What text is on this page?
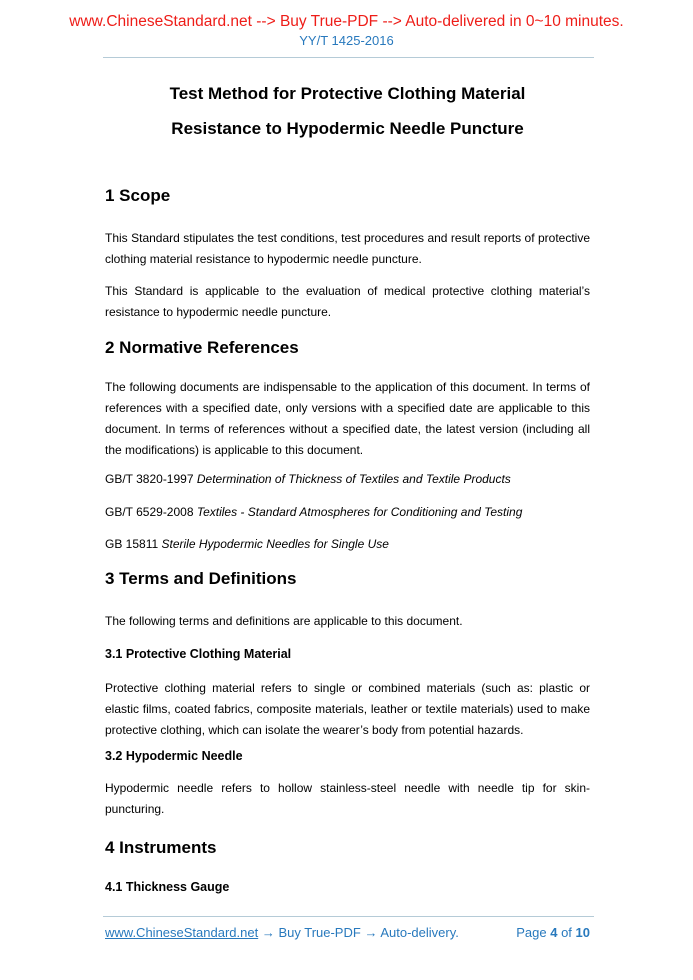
www.ChineseStandard.net --> Buy True-PDF --> Auto-delivered in 0~10 minutes.
YY/T 1425-2016
Test Method for Protective Clothing Material
Resistance to Hypodermic Needle Puncture
1 Scope

This Standard stipulates the test conditions, test procedures and result reports of protective clothing material resistance to hypodermic needle puncture.

This Standard is applicable to the evaluation of medical protective clothing material’s resistance to hypodermic needle puncture.

2 Normative References

The following documents are indispensable to the application of this document. In terms of references with a specified date, only versions with a specified date are applicable to this document. In terms of references without a specified date, the latest version (including all the modifications) is applicable to this document.

GB/T 3820-1997 Determination of Thickness of Textiles and Textile Products

GB/T 6529-2008 Textiles - Standard Atmospheres for Conditioning and Testing

GB 15811 Sterile Hypodermic Needles for Single Use

3 Terms and Definitions

The following terms and definitions are applicable to this document.

3.1 Protective Clothing Material

Protective clothing material refers to single or combined materials (such as: plastic or elastic films, coated fabrics, composite materials, leather or textile materials) used to make protective clothing, which can isolate the wearer’s body from potential hazards.

3.2 Hypodermic Needle

Hypodermic needle refers to hollow stainless-steel needle with needle tip for skin-puncturing.

4 Instruments
4.1 Thickness Gauge
www.ChineseStandard.net → Buy True-PDF → Auto-delivery.	Page 4 of 10
